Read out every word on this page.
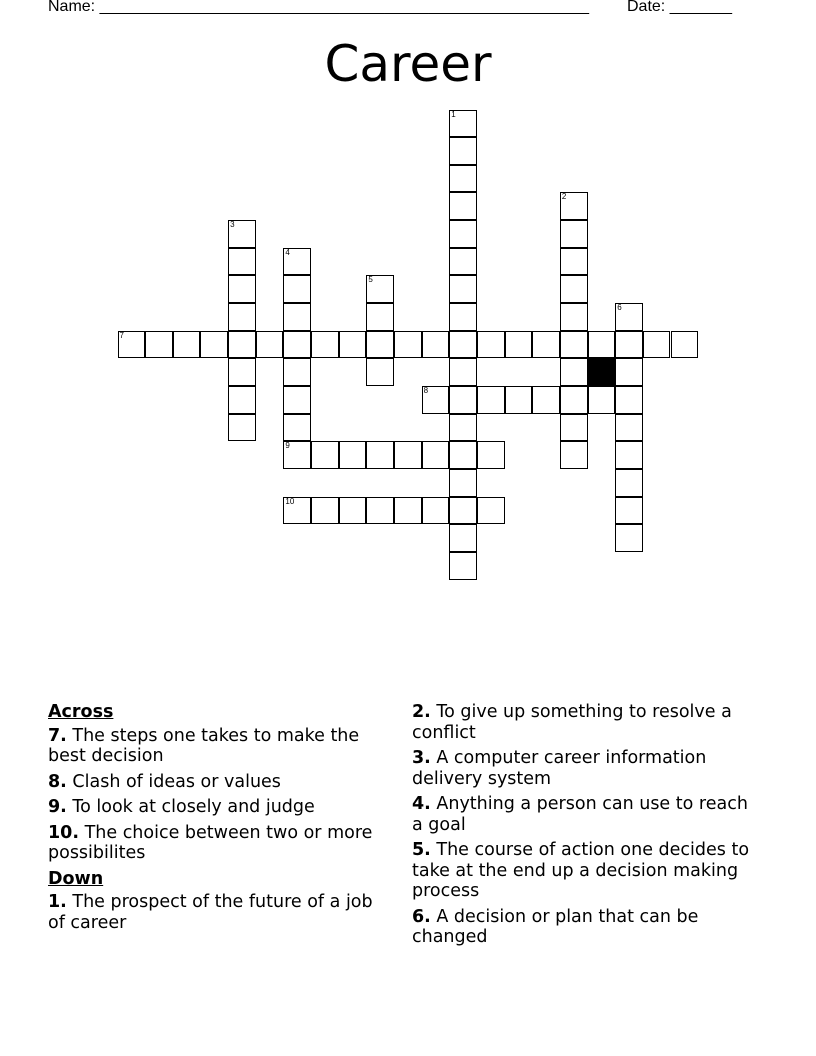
Name: _______________________________________________________ Date: _______
Career
1
2
3
4
5
6
7
8
9
10
Across
7. The steps one takes to make the best decision
8. Clash of ideas or values
9. To look at closely and judge
10. The choice between two or more possibilites
Down
1. The prospect of the future of a job of career
2. To give up something to resolve a conflict
3. A computer career information delivery system
4. Anything a person can use to reach a goal
5. The course of action one decides to take at the end up a decision making process
6. A decision or plan that can be changed
